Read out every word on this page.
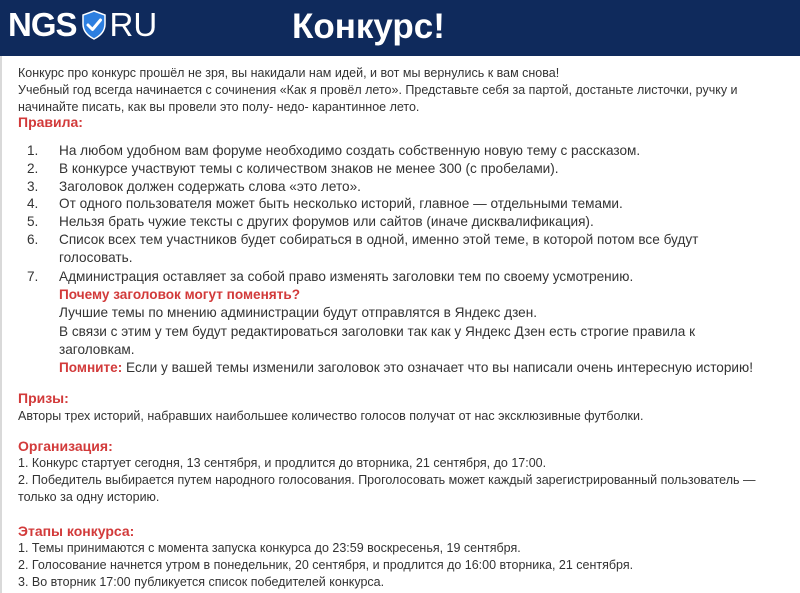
NGS RU	Конкурс!
Конкурс про конкурс прошёл не зря, вы накидали нам идей, и вот мы вернулись к вам снова!
Учебный год всегда начинается с сочинения «Как я провёл лето». Представьте себя за партой, достаньте листочки, ручку и
начинайте писать, как вы провели это полу- недо- карантинное лето.
Правила:
1. На любом удобном вам форуме необходимо создать собственную новую тему с рассказом.
2. В конкурсе участвуют темы с количеством знаков не менее 300 (с пробелами).
3. Заголовок должен содержать слова «это лето».
4. От одного пользователя может быть несколько историй, главное — отдельными темами.
5. Нельзя брать чужие тексты с других форумов или сайтов (иначе дисквалификация).
6. Список всех тем участников будет собираться в одной, именно этой теме, в которой потом все будут
голосовать.
7. Администрация оставляет за собой право изменять заголовки тем по своему усмотрению.
Почему заголовок могут поменять?
Лучшие темы по мнению администрации будут отправлятся в Яндекс дзен.
В связи с этим у тем будут редактироваться заголовки так как у Яндекс Дзен есть строгие правила к
заголовкам.
Помните: Если у вашей темы изменили заголовок это означает что вы написали очень интересную историю!
Призы:
Авторы трех историй, набравших наибольшее количество голосов получат от нас эксклюзивные футболки.
Организация:
1. Конкурс стартует сегодня, 13 сентября, и продлится до вторника, 21 сентября, до 17:00.
2. Победитель выбирается путем народного голосования. Проголосовать может каждый зарегистрированный пользователь —
только за одну историю.
Этапы конкурса:
1. Темы принимаются с момента запуска конкурса до 23:59 воскресенья, 19 сентября.
2. Голосование начнется утром в понедельник, 20 сентября, и продлится до 16:00 вторника, 21 сентября.
3. Во вторник 17:00 публикуется список победителей конкурса.
